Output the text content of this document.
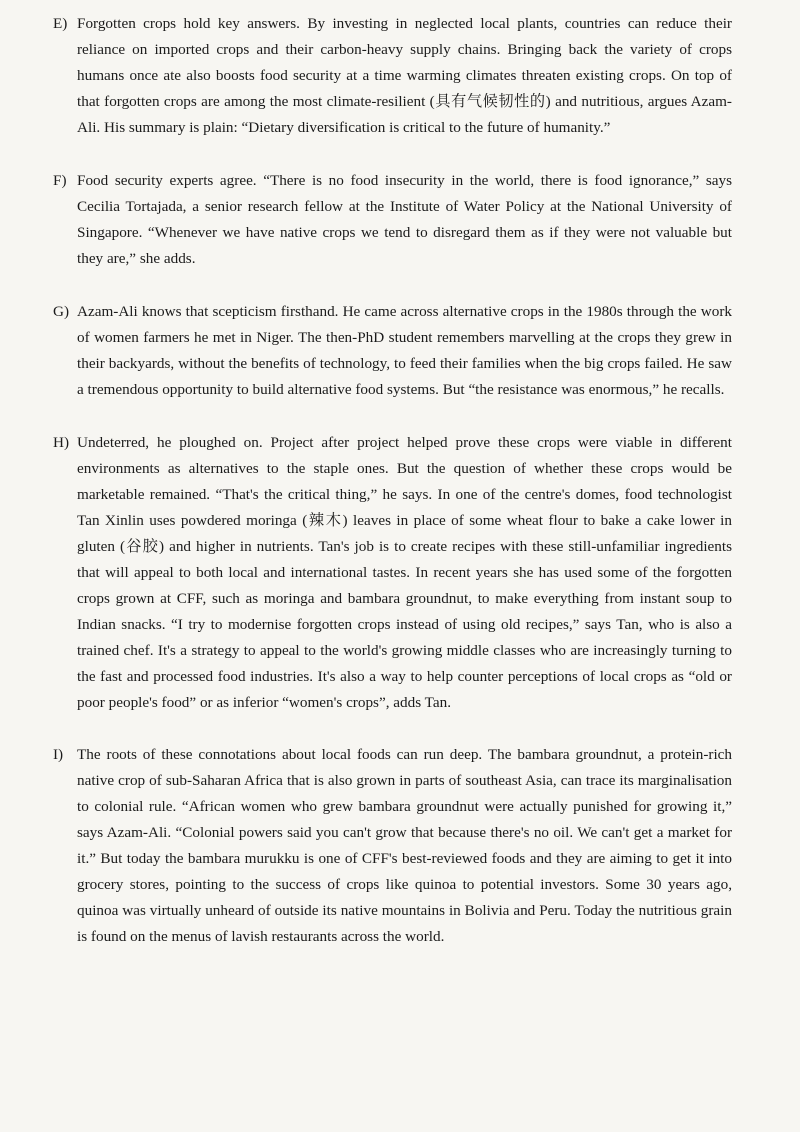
E) Forgotten crops hold key answers. By investing in neglected local plants, countries can reduce their reliance on imported crops and their carbon-heavy supply chains. Bringing back the variety of crops humans once ate also boosts food security at a time warming climates threaten existing crops. On top of that forgotten crops are among the most climate-resilient (具有气候韧性的) and nutritious, argues Azam-Ali. His summary is plain: “Dietary diversification is critical to the future of humanity.”

F) Food security experts agree. “There is no food insecurity in the world, there is food ignorance,” says Cecilia Tortajada, a senior research fellow at the Institute of Water Policy at the National University of Singapore. “Whenever we have native crops we tend to disregard them as if they were not valuable but they are,” she adds.

G) Azam-Ali knows that scepticism firsthand. He came across alternative crops in the 1980s through the work of women farmers he met in Niger. The then-PhD student remembers marvelling at the crops they grew in their backyards, without the benefits of technology, to feed their families when the big crops failed. He saw a tremendous opportunity to build alternative food systems. But “the resistance was enormous,” he recalls.

H) Undeterred, he ploughed on. Project after project helped prove these crops were viable in different environments as alternatives to the staple ones. But the question of whether these crops would be marketable remained. “That's the critical thing,” he says. In one of the centre's domes, food technologist Tan Xinlin uses powdered moringa (辣木) leaves in place of some wheat flour to bake a cake lower in gluten (谷胶) and higher in nutrients. Tan's job is to create recipes with these still-unfamiliar ingredients that will appeal to both local and international tastes. In recent years she has used some of the forgotten crops grown at CFF, such as moringa and bambara groundnut, to make everything from instant soup to Indian snacks. “I try to modernise forgotten crops instead of using old recipes,” says Tan, who is also a trained chef. It's a strategy to appeal to the world's growing middle classes who are increasingly turning to the fast and processed food industries. It's also a way to help counter perceptions of local crops as “old or poor people's food” or as inferior “women's crops”, adds Tan.

I) The roots of these connotations about local foods can run deep. The bambara groundnut, a protein-rich native crop of sub-Saharan Africa that is also grown in parts of southeast Asia, can trace its marginalisation to colonial rule. “African women who grew bambara groundnut were actually punished for growing it,” says Azam-Ali. “Colonial powers said you can't grow that because there's no oil. We can't get a market for it.” But today the bambara murukku is one of CFF's best-reviewed foods and they are aiming to get it into grocery stores, pointing to the success of crops like quinoa to potential investors. Some 30 years ago, quinoa was virtually unheard of outside its native mountains in Bolivia and Peru. Today the nutritious grain is found on the menus of lavish restaurants across the world.
